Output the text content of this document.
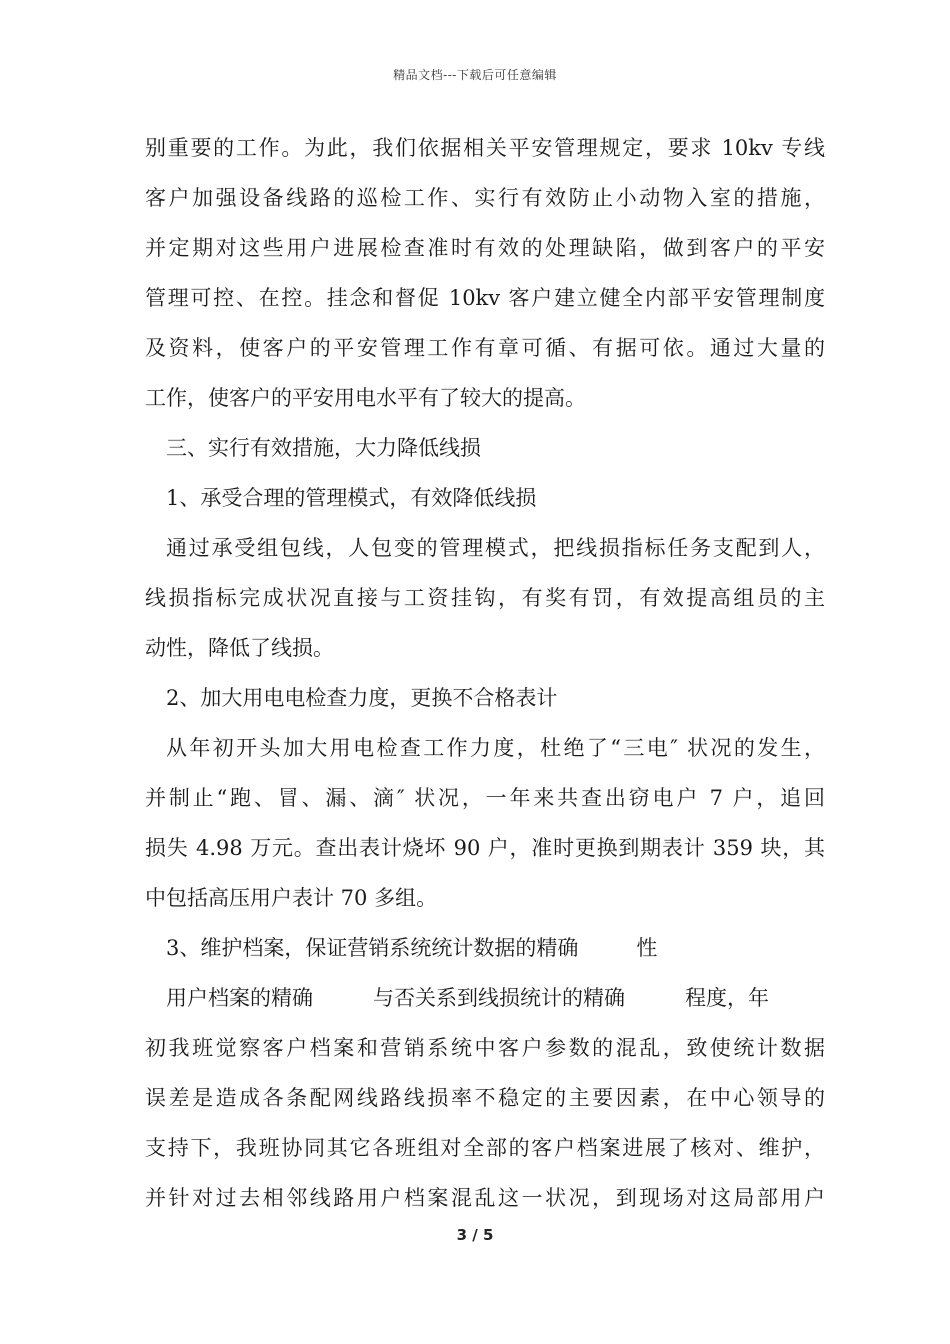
精品文档---下载后可任意编辑
别重要的工作。为此，我们依据相关平安管理规定，要求 10kv 专线
客户加强设备线路的巡检工作、实行有效防止小动物入室的措施，
并定期对这些用户进展检查准时有效的处理缺陷，做到客户的平安
管理可控、在控。挂念和督促 10kv 客户建立健全内部平安管理制度
及资料，使客户的平安管理工作有章可循、有据可依。通过大量的
工作，使客户的平安用电水平有了较大的提高。
三、实行有效措施，大力降低线损
1、承受合理的管理模式，有效降低线损
通过承受组包线，人包变的管理模式，把线损指标任务支配到人，
线损指标完成状况直接与工资挂钩，有奖有罚，有效提高组员的主
动性，降低了线损。
2、加大用电电检查力度，更换不合格表计
从年初开头加大用电检查工作力度，杜绝了“三电″ 状况的发生，
并制止“跑、冒、漏、滴″ 状况，一年来共查出窃电户 7 户，追回
损失 4.98 万元。查出表计烧坏 90 户，准时更换到期表计 359 块，其
中包括高压用户表计 70 多组。
3、维护档案，保证营销系统统计数据的精确	性
用户档案的精确	与否关系到线损统计的精确	程度，年
初我班觉察客户档案和营销系统中客户参数的混乱，致使统计数据
误差是造成各条配网线路线损率不稳定的主要因素，在中心领导的
支持下，我班协同其它各班组对全部的客户档案进展了核对、维护，
并针对过去相邻线路用户档案混乱这一状况，到现场对这局部用户
3 / 5
